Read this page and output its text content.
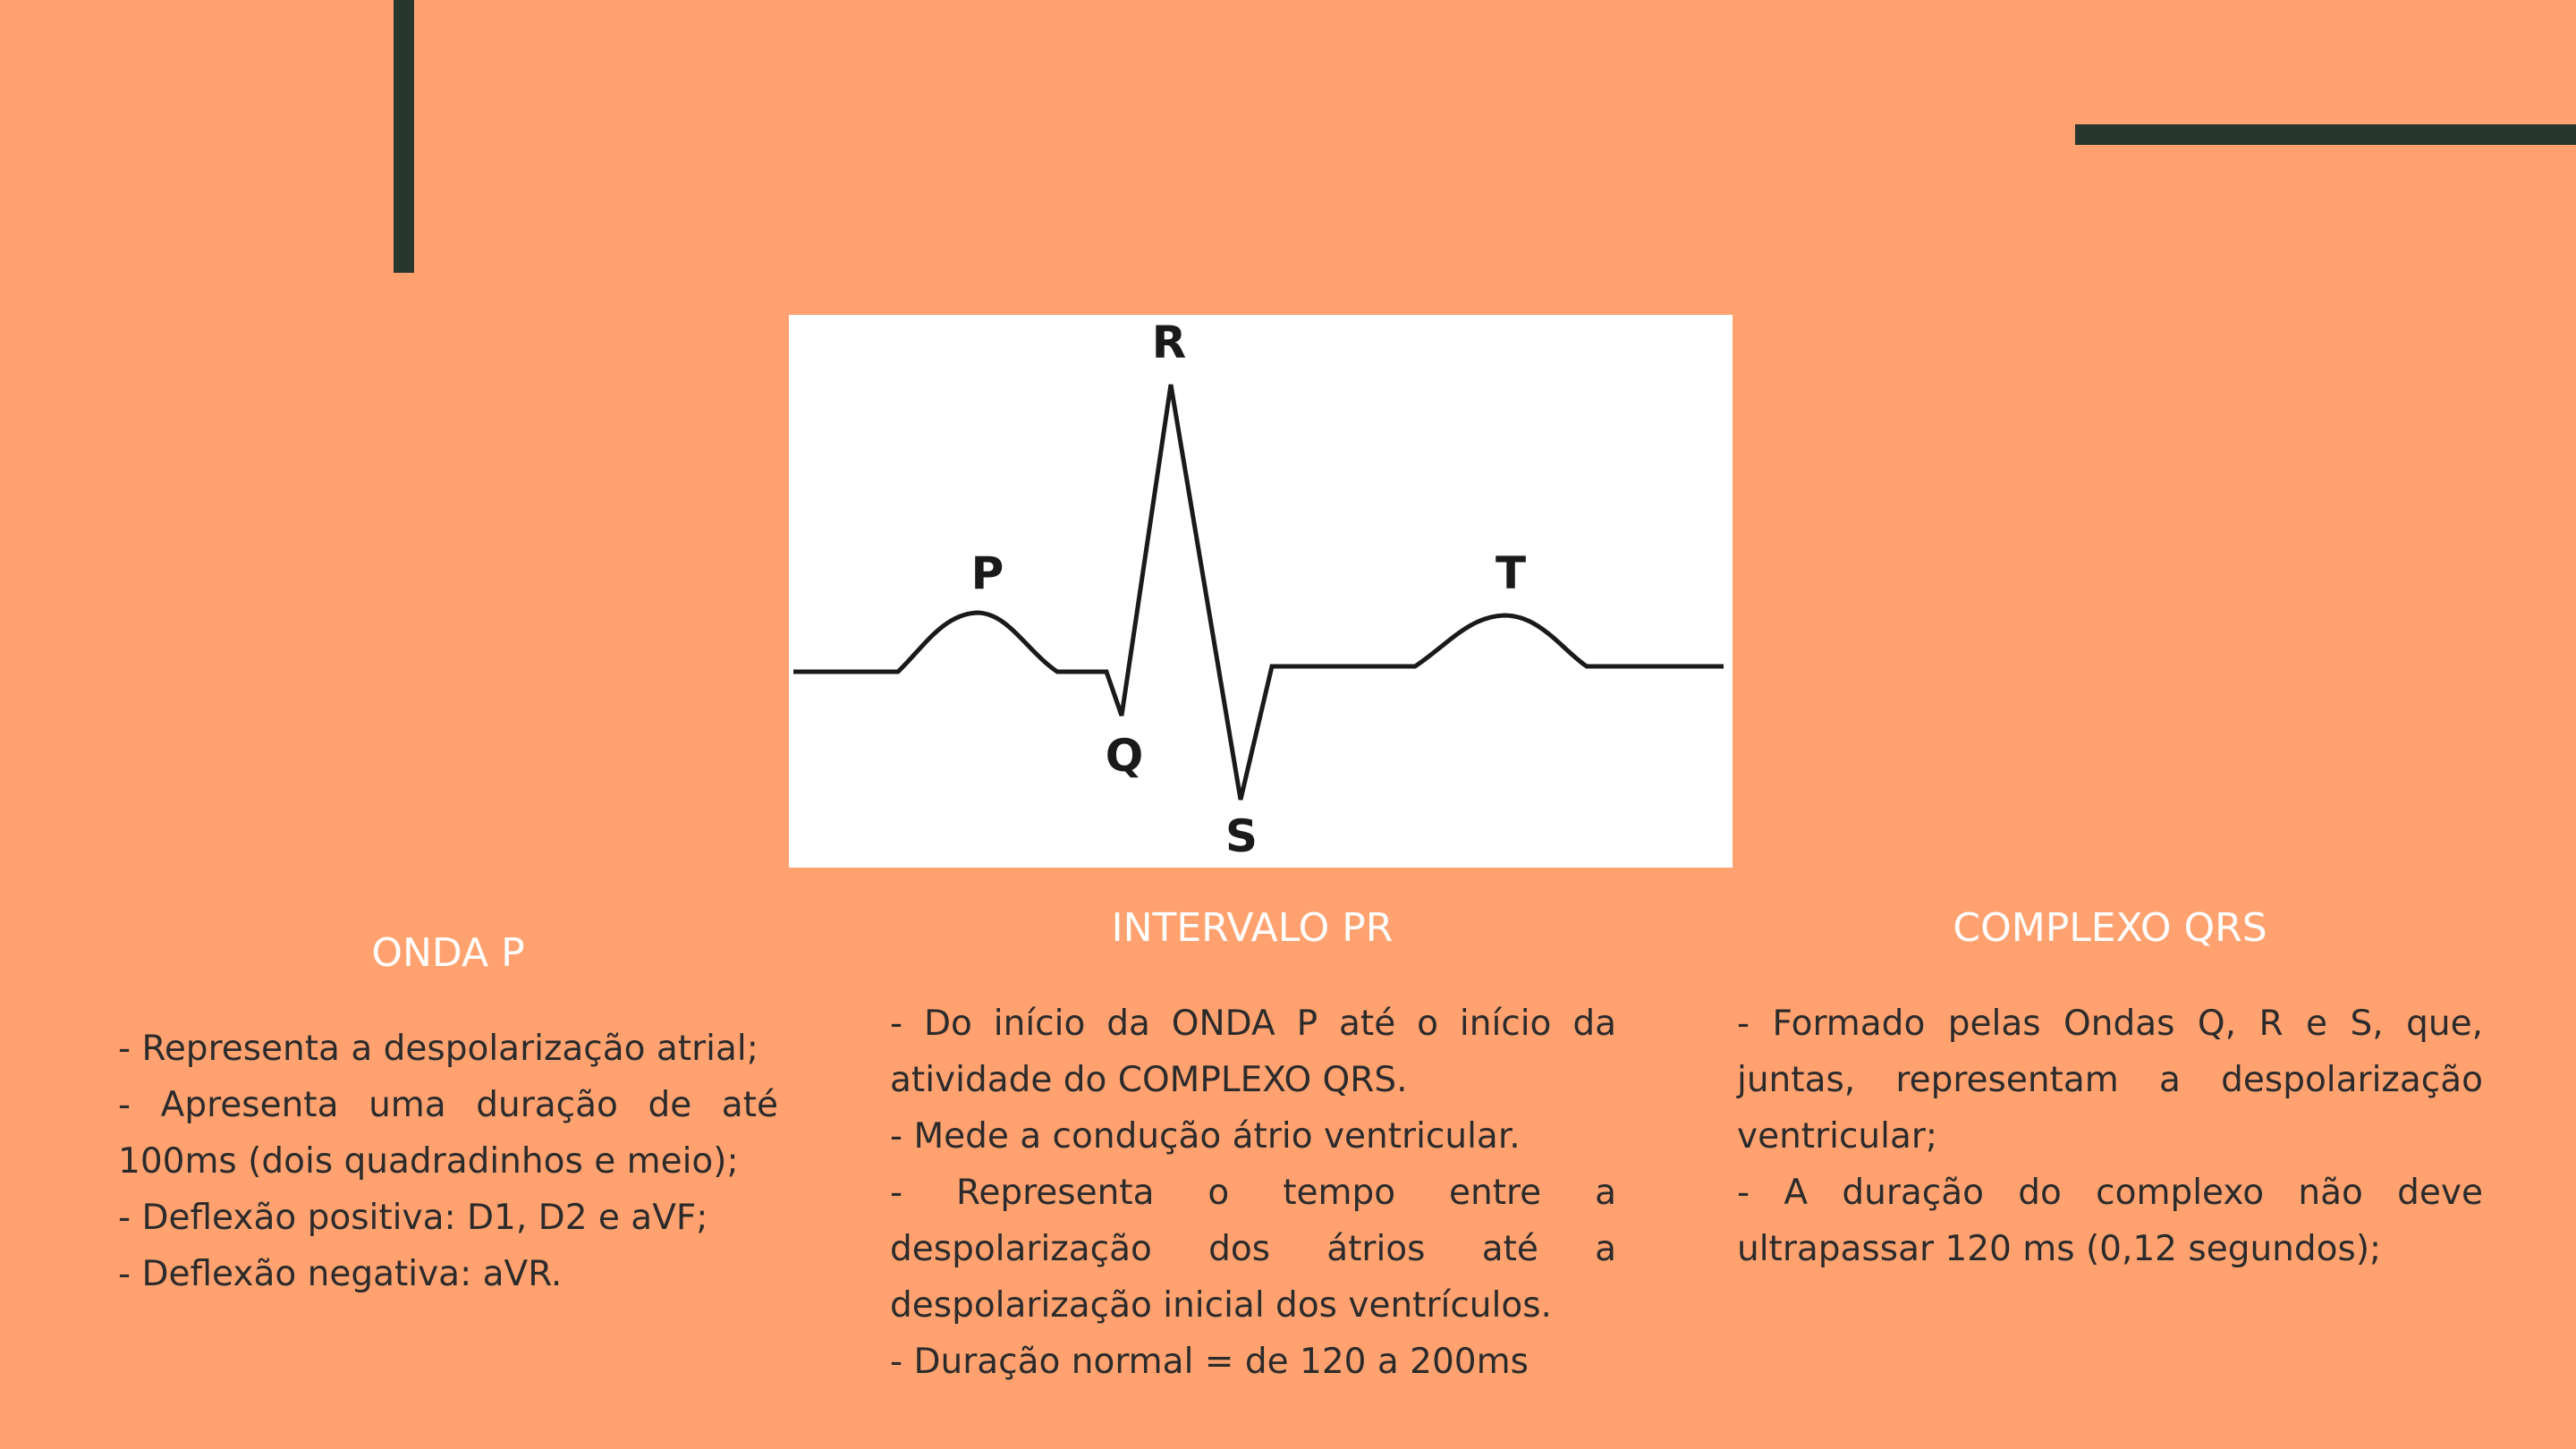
R
P	T
Q
S
ONDA P
- Representa a despolarização atrial;
- Apresenta uma duração de até 100ms (dois quadradinhos e meio);
- Deflexão positiva: D1, D2 e aVF;
- Deflexão negativa: aVR.
INTERVALO PR
- Do início da ONDA P até o início da atividade do COMPLEXO QRS.
- Mede a condução átrio ventricular.
- Representa o tempo entre a despolarização dos átrios até a despolarização inicial dos ventrículos.
- Duração normal = de 120 a 200ms
COMPLEXO QRS
- Formado pelas Ondas Q, R e S, que, juntas, representam a despolarização ventricular;
- A duração do complexo não deve ultrapassar 120 ms (0,12 segundos);
